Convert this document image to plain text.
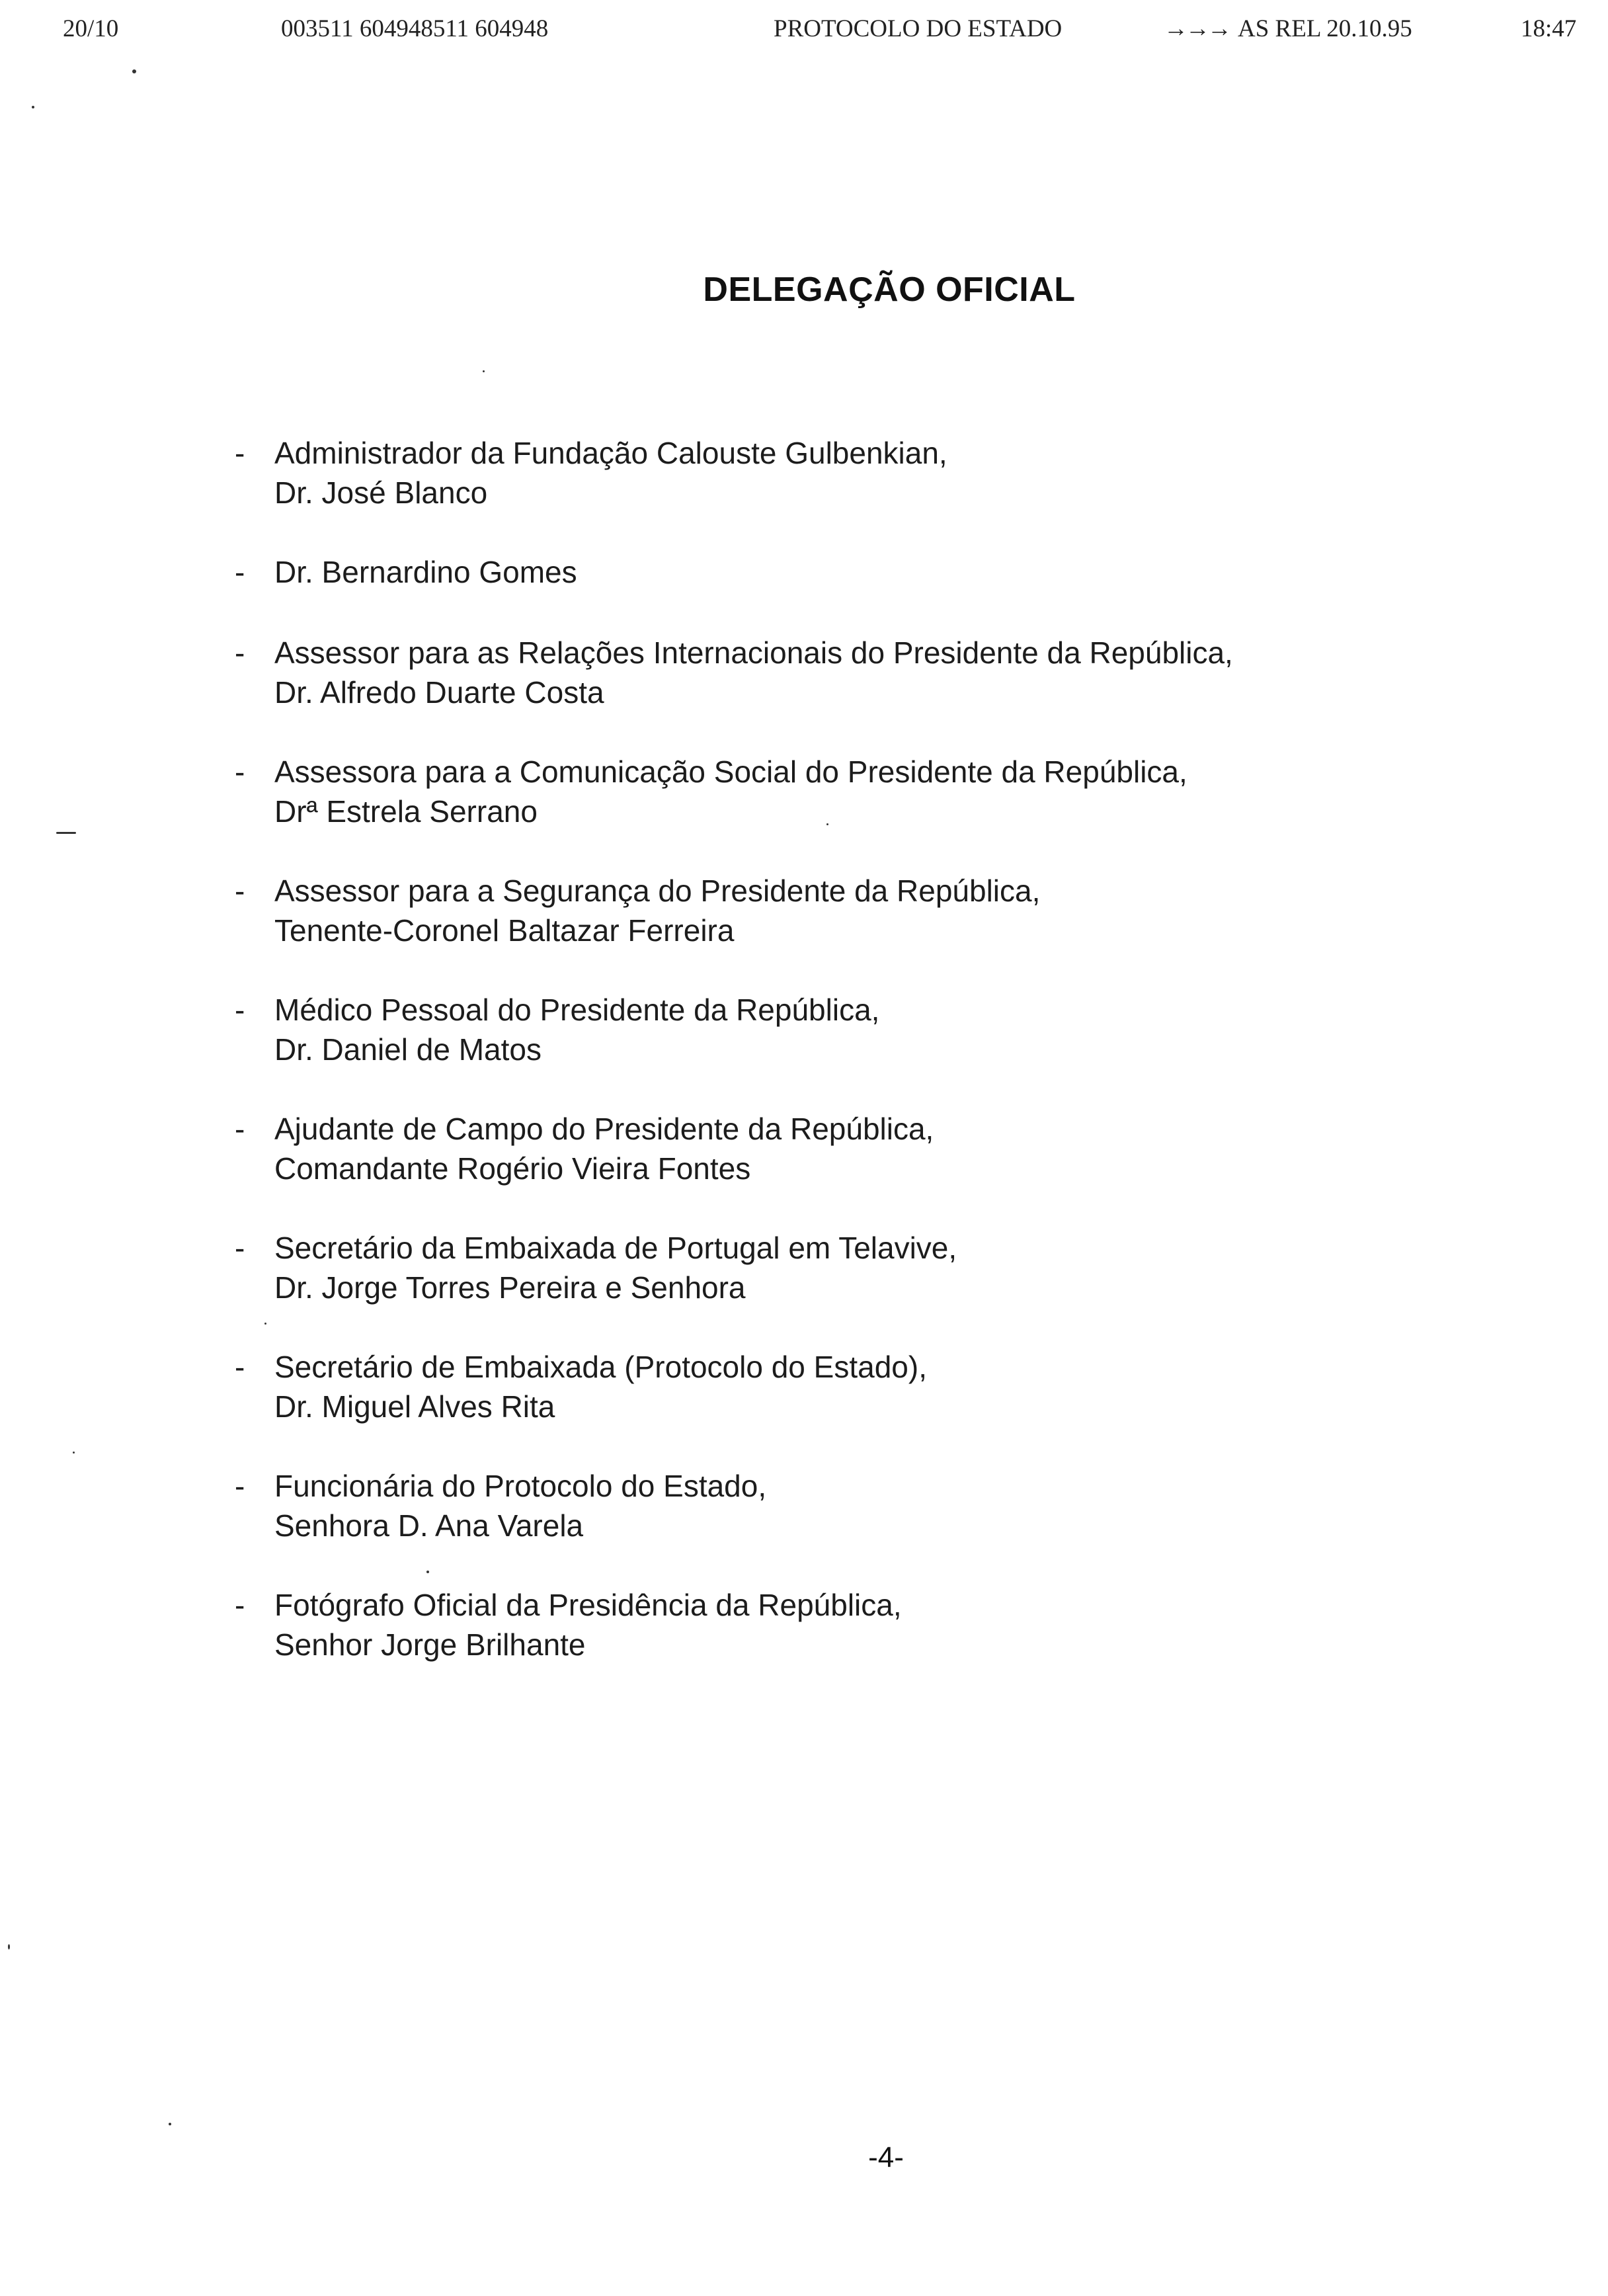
20/10	003511 604948511 604948	PROTOCOLO DO ESTADO	→→→ AS REL 20.10.95	18:47
DELEGAÇÃO OFICIAL
- Administrador da Fundação Calouste Gulbenkian,
Dr. José Blanco
- Dr. Bernardino Gomes
- Assessor para as Relações Internacionais do Presidente da República,
Dr. Alfredo Duarte Costa
- Assessora para a Comunicação Social do Presidente da República,
Drª Estrela Serrano
- Assessor para a Segurança do Presidente da República,
Tenente-Coronel Baltazar Ferreira
- Médico Pessoal do Presidente da República,
Dr. Daniel de Matos
- Ajudante de Campo do Presidente da República,
Comandante Rogério Vieira Fontes
- Secretário da Embaixada de Portugal em Telavive,
Dr. Jorge Torres Pereira e Senhora
- Secretário de Embaixada (Protocolo do Estado),
Dr. Miguel Alves Rita
- Funcionária do Protocolo do Estado,
Senhora D. Ana Varela
- Fotógrafo Oficial da Presidência da República,
Senhor Jorge Brilhante
-4-
